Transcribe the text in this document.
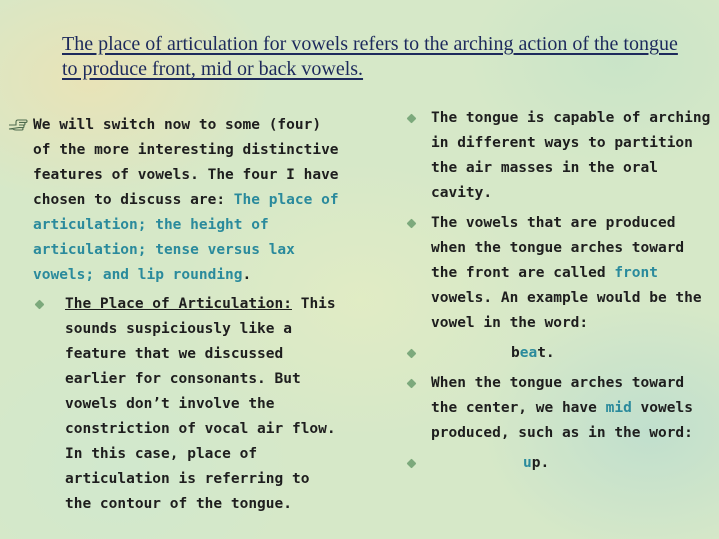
The place of articulation for vowels refers to the arching action of the tongue to produce front, mid or back vowels.
We will switch now to some (four) of the more interesting distinctive features of vowels. The four I have chosen to discuss are: The place of articulation; the height of articulation; tense versus lax vowels; and lip rounding.
The Place of Articulation: This sounds suspiciously like a feature that we discussed earlier for consonants. But vowels don’t involve the constriction of vocal air flow. In this case, place of articulation is referring to the contour of the tongue.
The tongue is capable of arching in different ways to partition the air masses in the oral cavity.
The vowels that are produced when the tongue arches toward the front are called front vowels. An example would be the vowel in the word:
beat.
When the tongue arches toward the center, we have mid vowels produced, such as in the word:
up.
